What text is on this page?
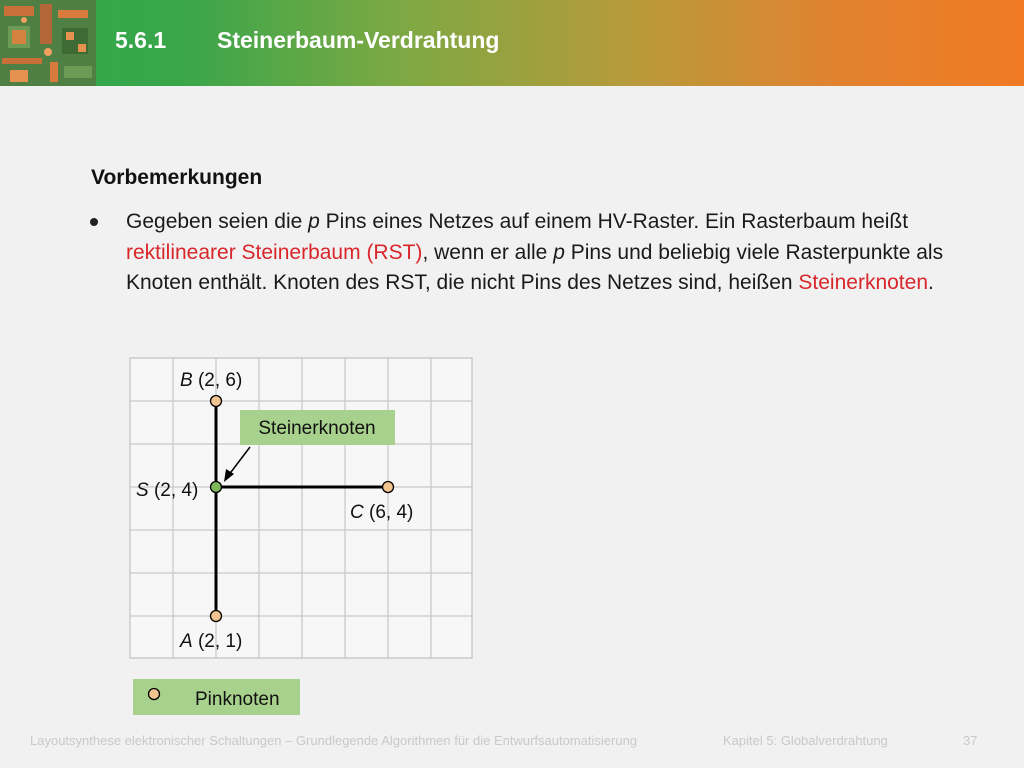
5.6.1 Steinerbaum-Verdrahtung
Vorbemerkungen
Gegeben seien die p Pins eines Netzes auf einem HV-Raster. Ein Rasterbaum heißt rektilinearer Steinerbaum (RST), wenn er alle p Pins und beliebig viele Rasterpunkte als Knoten enthält. Knoten des RST, die nicht Pins des Netzes sind, heißen Steinerknoten.
Steinerknoten
B (2, 6)
S (2, 4)
C (6, 4)
A (2, 1)
Pinknoten
Layoutsynthese elektronischer Schaltungen – Grundlegende Algorithmen für die Entwurfsautomatisierung	Kapitel 5: Globalverdrahtung	37
